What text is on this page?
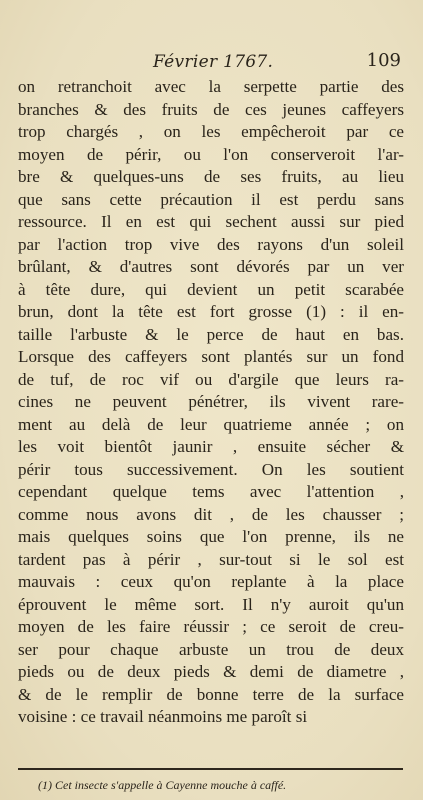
Février 1767.	109
on retranchoit avec la serpette partie des
branches & des fruits de ces jeunes caffeyers
trop chargés , on les empêcheroit par ce
moyen de périr, ou l'on conserveroit l'ar-
bre & quelques-uns de ses fruits, au lieu
que sans cette précaution il est perdu sans
ressource. Il en est qui sechent aussi sur pied
par l'action trop vive des rayons d'un soleil
brûlant, & d'autres sont dévorés par un ver
à tête dure, qui devient un petit scarabée
brun, dont la tête est fort grosse (1) : il en-
taille l'arbuste & le perce de haut en bas.
Lorsque des caffeyers sont plantés sur un fond
de tuf, de roc vif ou d'argile que leurs ra-
cines ne peuvent pénétrer, ils vivent rare-
ment au delà de leur quatrieme année ; on
les voit bientôt jaunir , ensuite sécher &
périr tous successivement. On les soutient
cependant quelque tems avec l'attention ,
comme nous avons dit , de les chausser ;
mais quelques soins que l'on prenne, ils ne
tardent pas à périr , sur-tout si le sol est
mauvais : ceux qu'on replante à la place
éprouvent le même sort. Il n'y auroit qu'un
moyen de les faire réussir ; ce seroit de creu-
ser pour chaque arbuste un trou de deux
pieds ou de deux pieds & demi de diametre ,
& de le remplir de bonne terre de la surface
voisine : ce travail néanmoins me paroît si
(1) Cet insecte s'appelle à Cayenne mouche à caffé.
